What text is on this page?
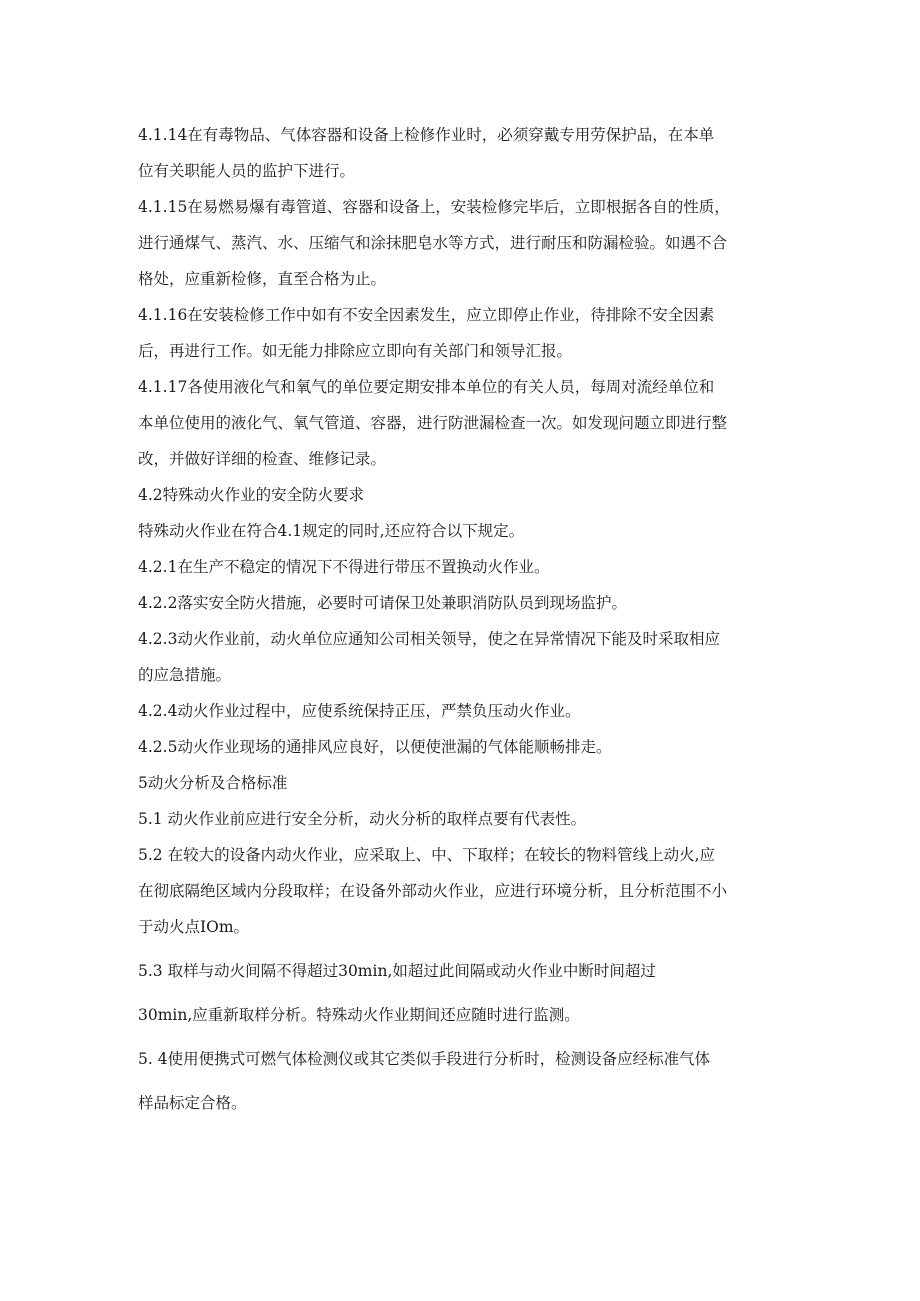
4.1.14在有毒物品、气体容器和设备上检修作业时，必须穿戴专用劳保护品，在本单
位有关职能人员的监护下进行。
4.1.15在易燃易爆有毒管道、容器和设备上，安装检修完毕后，立即根据各自的性质，
进行通煤气、蒸汽、水、压缩气和涂抹肥皂水等方式，进行耐压和防漏检验。如遇不合
格处，应重新检修，直至合格为止。
4.1.16在安装检修工作中如有不安全因素发生，应立即停止作业，待排除不安全因素
后，再进行工作。如无能力排除应立即向有关部门和领导汇报。
4.1.17各使用液化气和氧气的单位要定期安排本单位的有关人员，每周对流经单位和
本单位使用的液化气、氧气管道、容器，进行防泄漏检查一次。如发现问题立即进行整
改，并做好详细的检查、维修记录。
4.2特殊动火作业的安全防火要求
特殊动火作业在符合4.1规定的同时,还应符合以下规定。
4.2.1在生产不稳定的情况下不得进行带压不置换动火作业。
4.2.2落实安全防火措施，必要时可请保卫处兼职消防队员到现场监护。
4.2.3动火作业前，动火单位应通知公司相关领导，使之在异常情况下能及时采取相应
的应急措施。
4.2.4动火作业过程中，应使系统保持正压，严禁负压动火作业。
4.2.5动火作业现场的通排风应良好，以便使泄漏的气体能顺畅排走。
5动火分析及合格标准
5.1 动火作业前应进行安全分析，动火分析的取样点要有代表性。
5.2 在较大的设备内动火作业，应采取上、中、下取样；在较长的物料管线上动火,应
在彻底隔绝区域内分段取样；在设备外部动火作业，应进行环境分析，且分析范围不小
于动火点IOm。
5.3 取样与动火间隔不得超过30min,如超过此间隔或动火作业中断时间超过
30min,应重新取样分析。特殊动火作业期间还应随时进行监测。
5. 4使用便携式可燃气体检测仪或其它类似手段进行分析时，检测设备应经标准气体
样品标定合格。
